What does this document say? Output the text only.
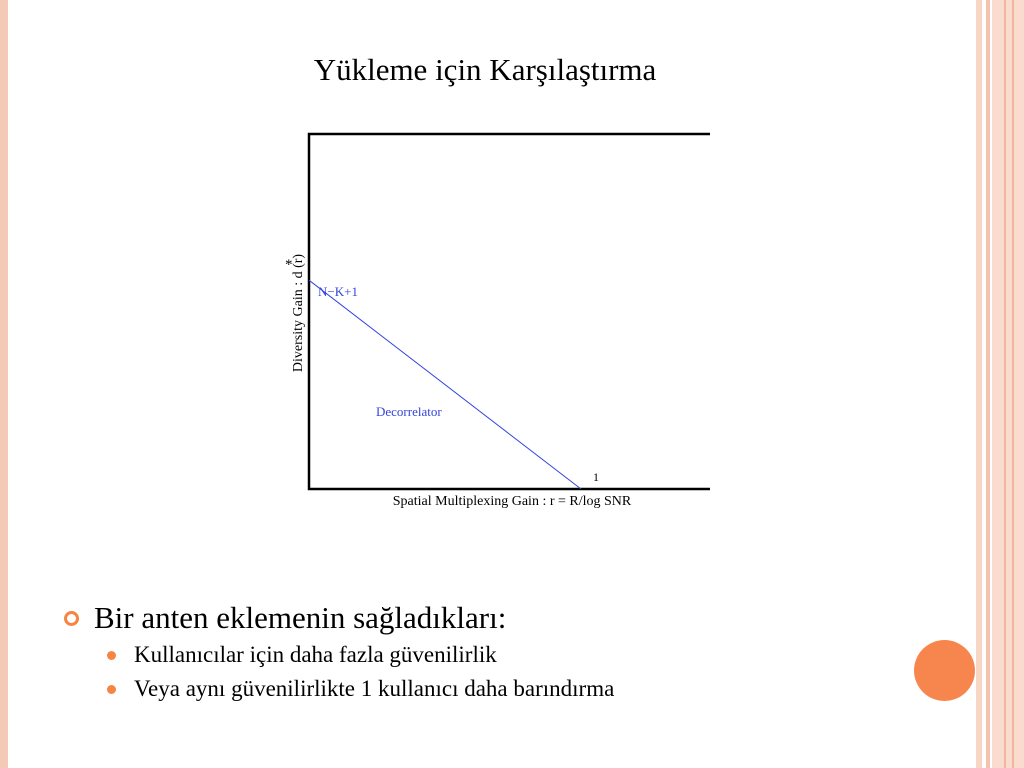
Yükleme için Karşılaştırma
N−K+1
Decorrelator
1
Spatial Multiplexing Gain : r = R/log SNR
Diversity Gain : d (r)
*
Bir anten eklemenin sağladıkları:
Kullanıcılar için daha fazla güvenilirlik
Veya aynı güvenilirlikte 1 kullanıcı daha barındırma
